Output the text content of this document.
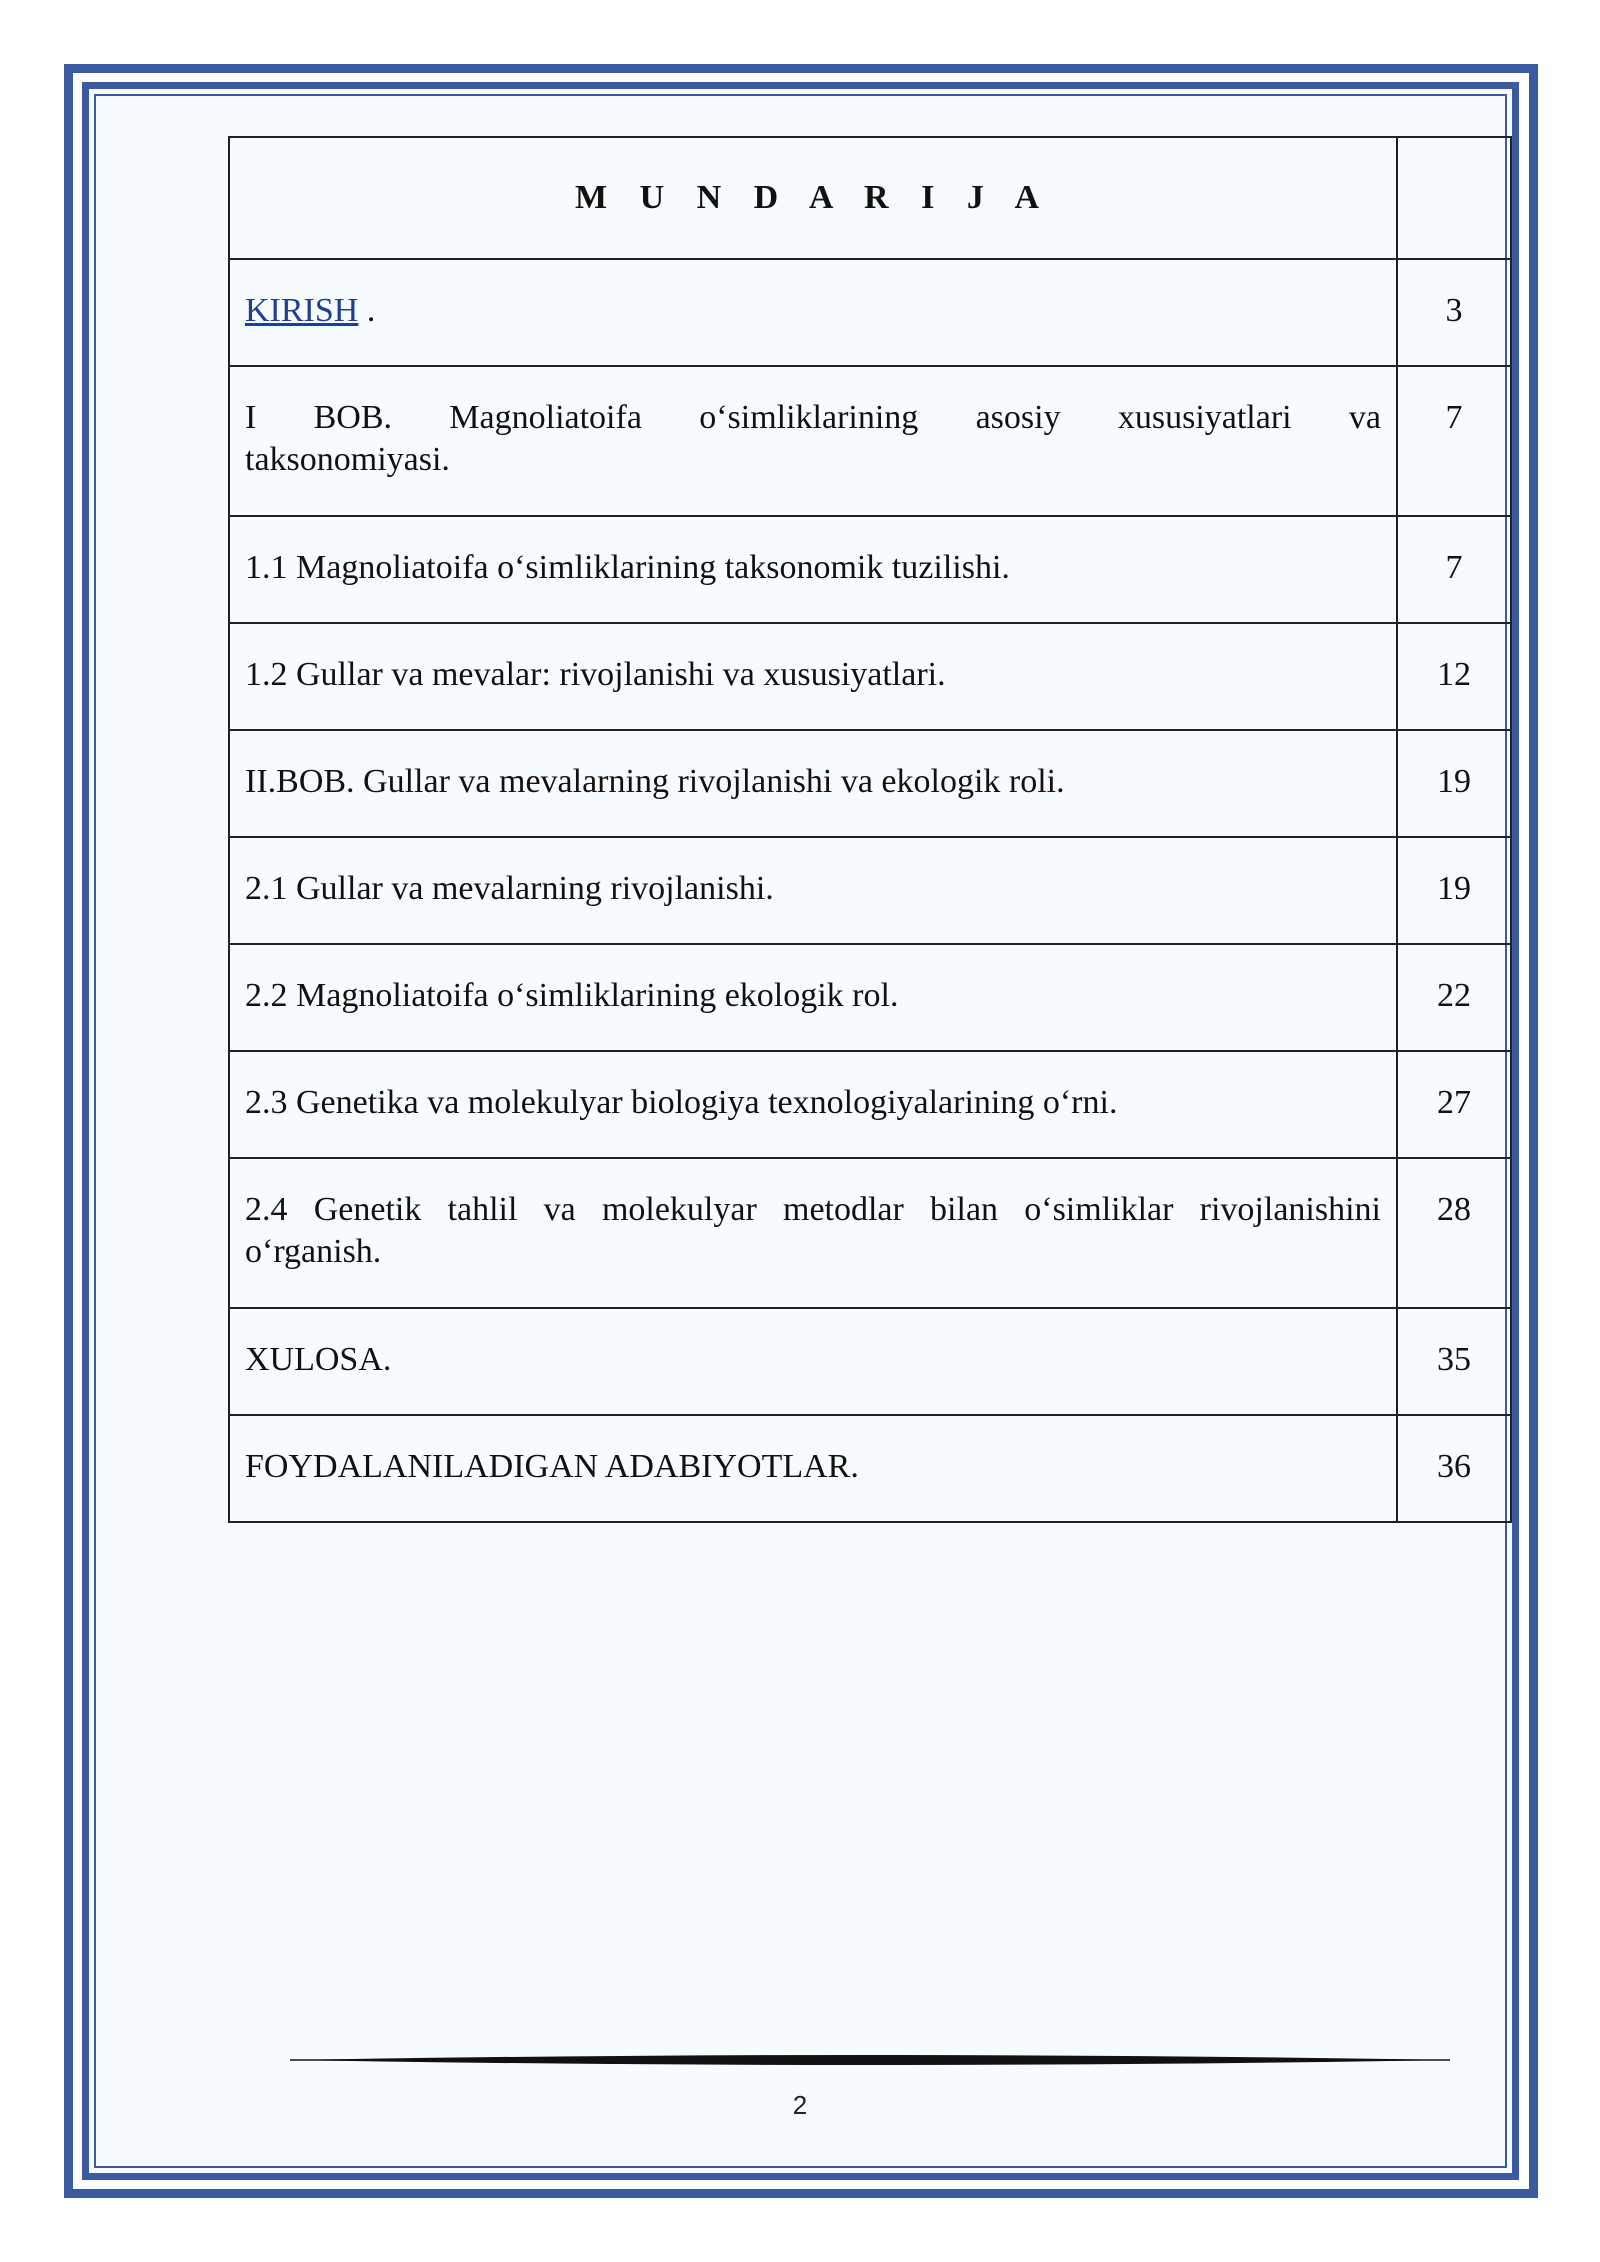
M U N D A R I J A	
KIRISH .	3

I BOB. Magnoliatoifa o‘simliklarining asosiy xususiyatlari va
taksonomiyasi.	7
1.1 Magnoliatoifa o‘simliklarining taksonomik tuzilishi.	7
1.2 Gullar va mevalar: rivojlanishi va xususiyatlari.	12
II.BOB. Gullar va mevalarning rivojlanishi va ekologik roli.	19
2.1 Gullar va mevalarning rivojlanishi.	19
2.2 Magnoliatoifa o‘simliklarining ekologik rol.	22
2.3 Genetika va molekulyar biologiya texnologiyalarining o‘rni.	27

2.4 Genetik tahlil va molekulyar metodlar bilan o‘simliklar rivojlanishini
o‘rganish.	28
XULOSA.	35
FOYDALANILADIGAN ADABIYOTLAR.	36
2
